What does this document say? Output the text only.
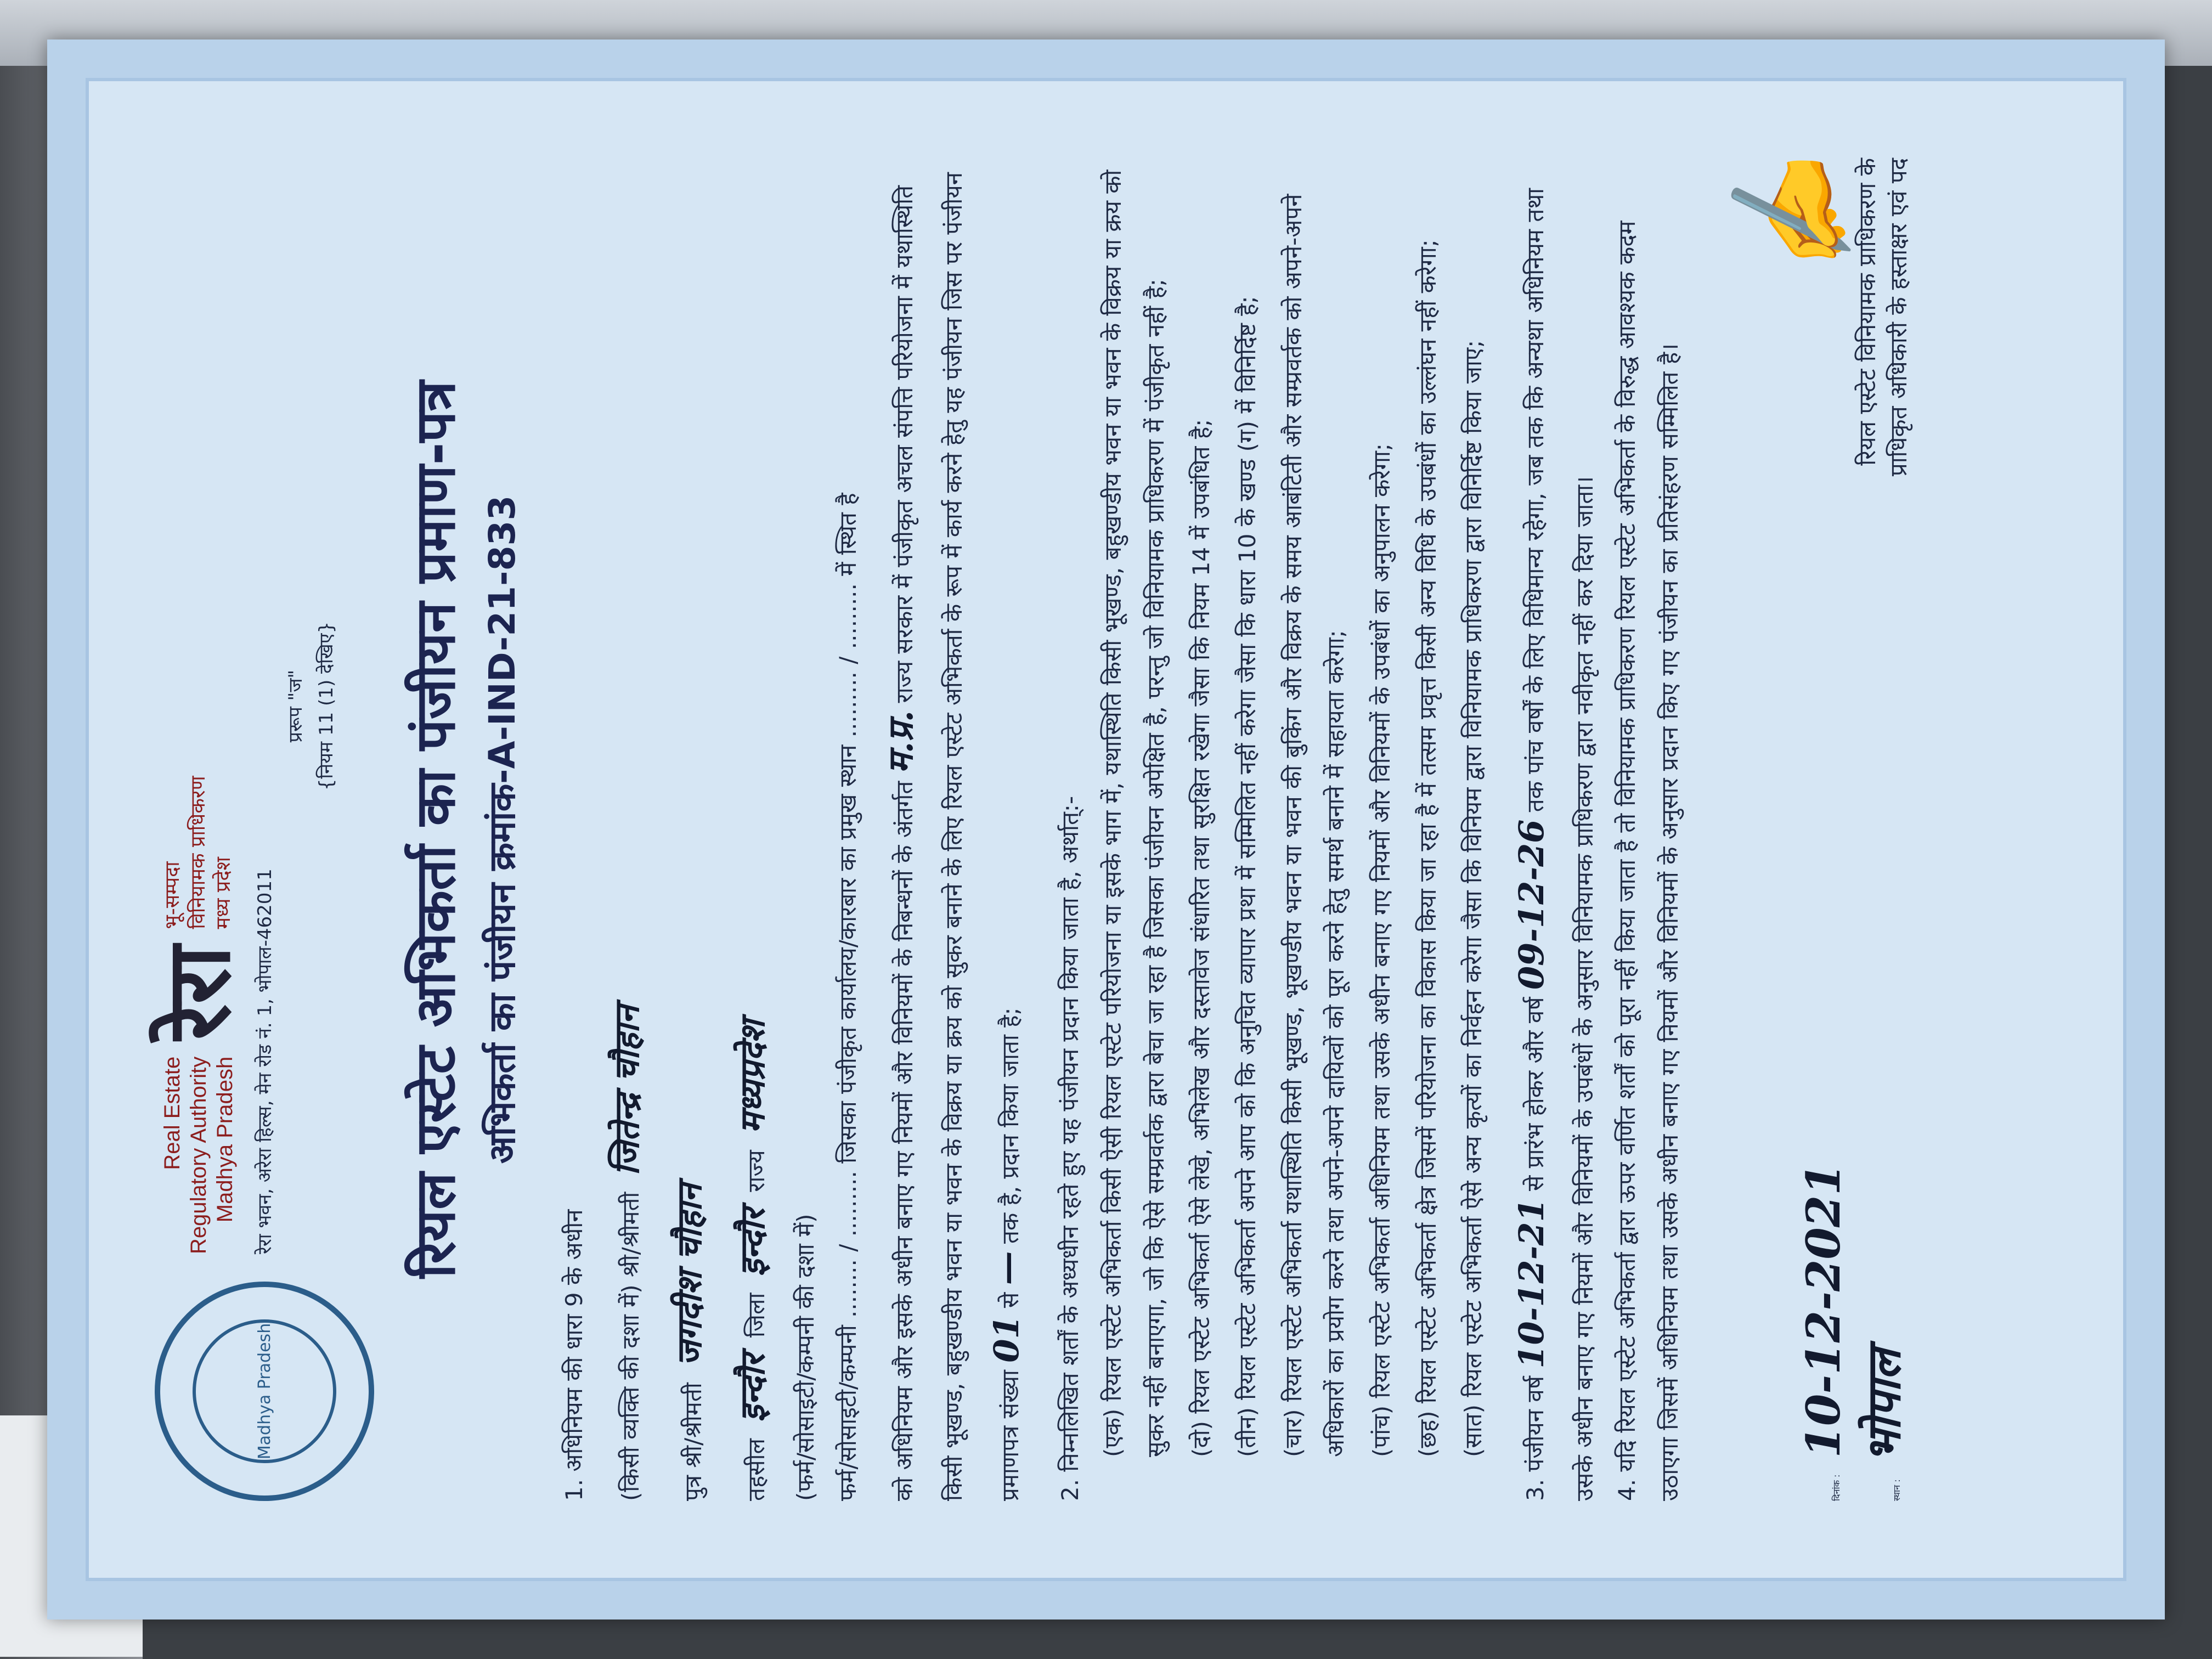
Madhya Pradesh
Real Estate Regulatory Authority Madhya Pradesh
रेरा
भू-सम्पदा विनियामक प्राधिकरण मध्य प्रदेश रेरा भवन, अरेरा हिल्स, मेन रोड नं. 1, भोपाल-462011
प्ररूप "ज" {नियम 11 (1) देखिए} रियल एस्टेट अभिकर्ता का पंजीयन प्रमाण-पत्र अभिकर्ता का पंजीयन क्रमांक-A-IND-21-833

1. अधिनियम की धारा 9 के अधीन	(किसी व्यक्ति की दशा में) श्री/श्रीमती
जितेन्द्र चौहान

पुत्र श्री/श्रीमती
जगदीश चौहान

तहसील
इन्दौर
जिला
इन्दौर
राज्य
मध्यप्रदेश

(फर्म/सोसाइटी/कम्पनी की दशा में) फर्म/सोसाइटी/कम्पनी ........ / ......... जिसका पंजीकृत कार्यालय/कारबार का प्रमुख स्थान ......... / ......... में स्थित है	को अधिनियम और इसके अधीन बनाए गए नियमों और विनियमों के निबन्धनों के अंतर्गत म.प्र. राज्य सरकार में पंजीकृत अचल संपत्ति परियोजना में यथास्थिति किसी भूखण्ड, बहुखण्डीय भवन या भवन के विक्रय या क्रय को सुकर बनाने के लिए रियल एस्टेट अभिकर्ता के रूप में कार्य करने हेतु यह पंजीयन जिस पर पंजीयन प्रमाणपत्र संख्या 01 से — तक है, प्रदान किया जाता है;	2. निम्नलिखित शर्तों के अध्यधीन रहते हुए यह पंजीयन प्रदान किया जाता है, अर्थात्:- (एक) रियल एस्टेट अभिकर्ता किसी ऐसी रियल एस्टेट परियोजना या इसके भाग में, यथास्थिति किसी भूखण्ड, बहुखण्डीय भवन या भवन के विक्रय या क्रय को सुकर नहीं बनाएगा, जो कि ऐसे सम्प्रवर्तक द्वारा बेचा जा रहा है जिसका पंजीयन अपेक्षित है, परन्तु जो विनियामक प्राधिकरण में पंजीकृत नहीं है; (दो) रियल एस्टेट अभिकर्ता ऐसे लेखे, अभिलेख और दस्तावेज संधारित तथा सुरक्षित रखेगा जैसा कि नियम 14 में उपबंधित है; (तीन) रियल एस्टेट अभिकर्ता अपने आप को कि अनुचित व्यापार प्रथा में सम्मिलित नहीं करेगा जैसा कि धारा 10 के खण्ड (ग) में विनिर्दिष्ट है; (चार) रियल एस्टेट अभिकर्ता यथास्थिति किसी भूखण्ड, भूखण्डीय भवन या भवन की बुकिंग और विक्रय के समय आबंटिती और सम्प्रवर्तक को अपने-अपने अधिकारों का प्रयोग करने तथा अपने-अपने दायित्वों को पूरा करने हेतु समर्थ बनाने में सहायता करेगा; (पांच) रियल एस्टेट अभिकर्ता अधिनियम तथा उसके अधीन बनाए गए नियमों और विनियमों के उपबंधों का अनुपालन करेगा; (छह) रियल एस्टेट अभिकर्ता क्षेत्र जिसमें परियोजना का विकास किया जा रहा है में तत्सम प्रवृत्त किसी अन्य विधि के उपबंधों का उल्लंघन नहीं करेगा; (सात) रियल एस्टेट अभिकर्ता ऐसे अन्य कृत्यों का निर्वहन करेगा जैसा कि विनियम द्वारा विनियामक प्राधिकरण द्वारा विनिर्दिष्ट किया जाए;	3. पंजीयन वर्ष 10-12-21 से प्रारंभ होकर और वर्ष 09-12-26 तक पांच वर्षों के लिए विधिमान्य रहेगा, जब तक कि अन्यथा अधिनियम तथा उसके अधीन बनाए गए नियमों और विनियमों के उपबंधों के अनुसार विनियामक प्राधिकरण द्वारा नवीकृत नहीं कर दिया जाता। 4. यदि रियल एस्टेट अभिकर्ता द्वारा ऊपर वर्णित शर्तों को पूरा नहीं किया जाता है तो विनियामक प्राधिकरण रियल एस्टेट अभिकर्ता के विरुद्ध आवश्यक कदम उठाएगा जिसमें अधिनियम तथा उसके अधीन बनाए गए नियमों और विनियमों के अनुसार प्रदान किए गए पंजीयन का प्रतिसंहरण सम्मिलित है।	दिनांक :
10-12-2021
स्थान :
भोपाल
✍
रियल एस्टेट विनियामक प्राधिकरण के प्राधिकृत अधिकारी के हस्ताक्षर एवं पद
